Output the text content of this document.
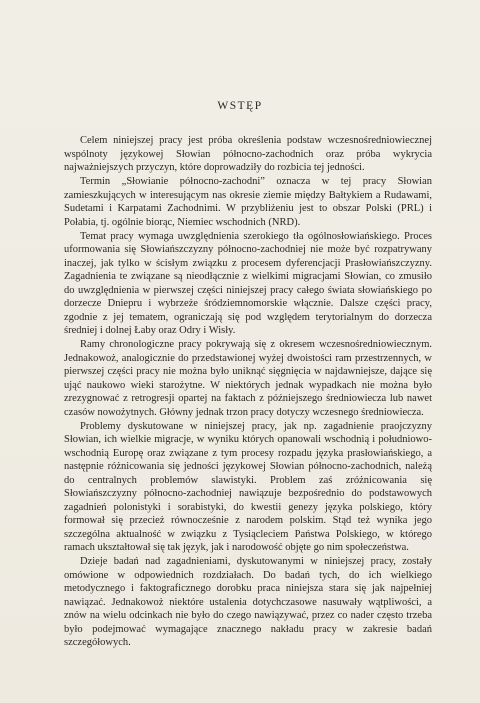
WSTĘP

Celem niniejszej pracy jest próba określenia podstaw wczesnośredniowiecznej wspólnoty językowej Słowian północno-zachodnich oraz próba wykrycia najważniejszych przyczyn, które doprowadziły do rozbicia tej jedności.

Termin „Słowianie północno-zachodni” oznacza w tej pracy Słowian zamieszkujących w interesującym nas okresie ziemie między Bałtykiem a Rudawami, Sudetami i Karpatami Zachodnimi. W przybliżeniu jest to obszar Polski (PRL) i Połabia, tj. ogólnie biorąc, Niemiec wschodnich (NRD).

Temat pracy wymaga uwzględnienia szerokiego tła ogólnosłowiańskiego. Proces uformowania się Słowiańszczyzny północno-zachodniej nie może być rozpatrywany inaczej, jak tylko w ścisłym związku z procesem dyferencjacji Prasłowiańszczyzny. Zagadnienia te związane są nieodłącznie z wielkimi migracjami Słowian, co zmusiło do uwzględnienia w pierwszej części niniejszej pracy całego świata słowiańskiego po dorzecze Dniepru i wybrzeże śródziemnomorskie włącznie. Dalsze części pracy, zgodnie z jej tematem, ograniczają się pod względem terytorialnym do dorzecza średniej i dolnej Łaby oraz Odry i Wisły.

Ramy chronologiczne pracy pokrywają się z okresem wczesnośredniowiecznym. Jednakowoż, analogicznie do przedstawionej wyżej dwoistości ram przestrzennych, w pierwszej części pracy nie można było uniknąć sięgnięcia w najdawniejsze, dające się ująć naukowo wieki starożytne. W niektórych jednak wypadkach nie można było zrezygnować z retrogresji opartej na faktach z późniejszego średniowiecza lub nawet czasów nowożytnych. Główny jednak trzon pracy dotyczy wczesnego średniowiecza.

Problemy dyskutowane w niniejszej pracy, jak np. zagadnienie praojczyzny Słowian, ich wielkie migracje, w wyniku których opanowali wschodnią i południowo-wschodnią Europę oraz związane z tym procesy rozpadu języka prasłowiańskiego, a następnie różnicowania się jedności językowej Słowian północno-zachodnich, należą do centralnych problemów slawistyki. Problem zaś zróżnicowania się Słowiańszczyzny północno-zachodniej nawiązuje bezpośrednio do podstawowych zagadnień polonistyki i sorabistyki, do kwestii genezy języka polskiego, który formował się przecież równocześnie z narodem polskim. Stąd też wynika jego szczególna aktualność w związku z Tysiącleciem Państwa Polskiego, w którego ramach ukształtował się tak język, jak i narodowość objęte go nim społeczeństwa.

Dzieje badań nad zagadnieniami, dyskutowanymi w niniejszej pracy, zostały omówione w odpowiednich rozdziałach. Do badań tych, do ich wielkiego metodycznego i faktograficznego dorobku praca niniejsza stara się jak najpełniej nawiązać. Jednakowoż niektóre ustalenia dotychczasowe nasuwały wątpliwości, a znów na wielu odcinkach nie było do czego nawiązywać, przez co nader często trzeba było podejmować wymagające znacznego nakładu pracy w zakresie badań szczegółowych.
